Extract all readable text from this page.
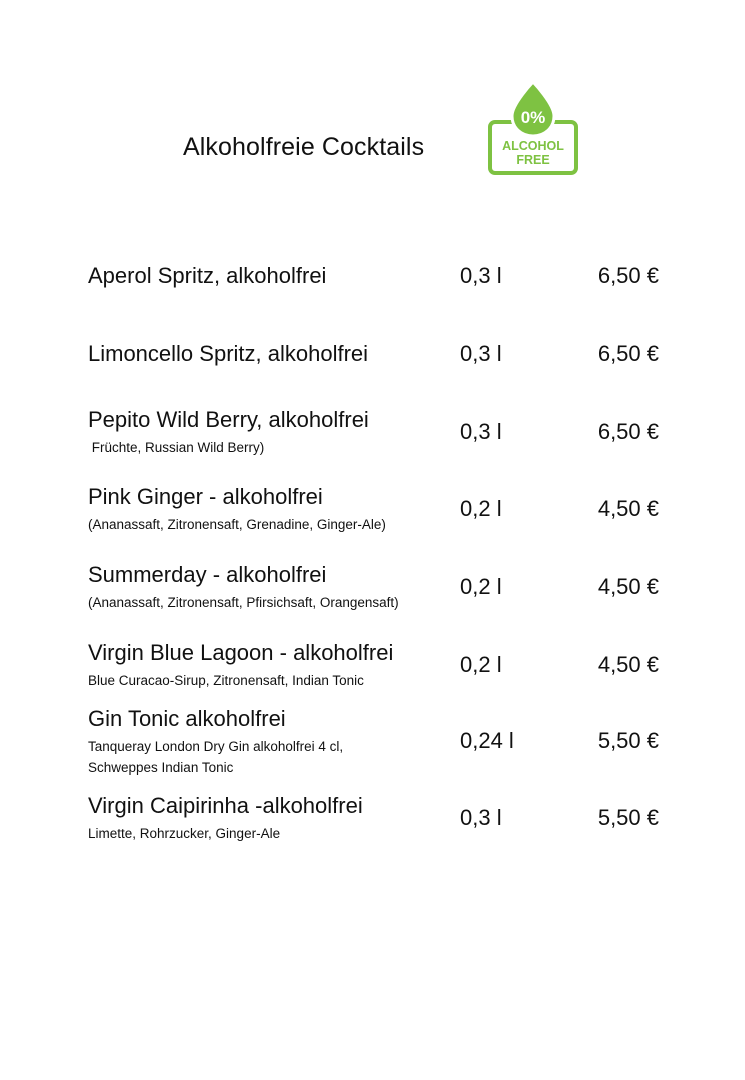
Alkoholfreie Cocktails
0%
ALCOHOL
FREE
Aperol Spritz, alkoholfrei	0,3 l	6,50 €
Limoncello Spritz, alkoholfrei	0,3 l	6,50 €
Pepito Wild Berry, alkoholfrei
Früchte, Russian Wild Berry)
0,3 l	6,50 €
Pink Ginger - alkoholfrei
(Ananassaft, Zitronensaft, Grenadine, Ginger-Ale)
0,2 l	4,50 €
Summerday - alkoholfrei
(Ananassaft, Zitronensaft, Pfirsichsaft, Orangensaft)
0,2 l	4,50 €
Virgin Blue Lagoon - alkoholfrei
Blue Curacao-Sirup, Zitronensaft, Indian Tonic
0,2 l	4,50 €
Gin Tonic alkoholfrei
Tanqueray London Dry Gin alkoholfrei 4 cl, Schweppes Indian Tonic
0,24 l	5,50 €
Virgin Caipirinha -alkoholfrei
Limette, Rohrzucker, Ginger-Ale
0,3 l	5,50 €
